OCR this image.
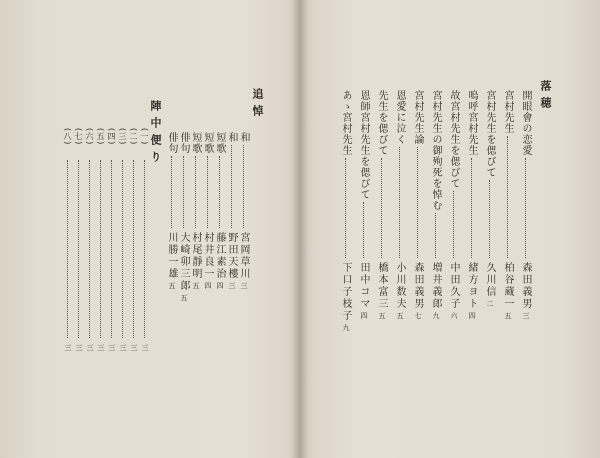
落穂
開眼會の恋愛
森田義男
三
宮村先生
柏谷蔵一
五
宮村先生を偲びて
久川信
二
嗚呼宮村先生
緒方ヨト
四
故宮村先生を偲びて
中田久子
六
宮村先生の御殉死を悼む
増井義郎
九
宮村先生論
森田義男
七
恩愛に泣く
小川数夫
五
先生を偲びて
橋本富三
五
恩師宮村先生を偲びて
田中コマ
四
あゝ宮村先生
下口子枝子
九
追悼
和
宮岡草川
三
和
野田天樓
三
短歌
藤江素治
四
短歌
村井良一
四
短歌
村尾靜明
五
俳句
大崎卯三郎
五
俳句
川勝一雄
五
陣中便り
(一)
三
(二)
三
(三)
三
(四)
三
(五)
三
(六)
三
(七)
三
(八)
三
